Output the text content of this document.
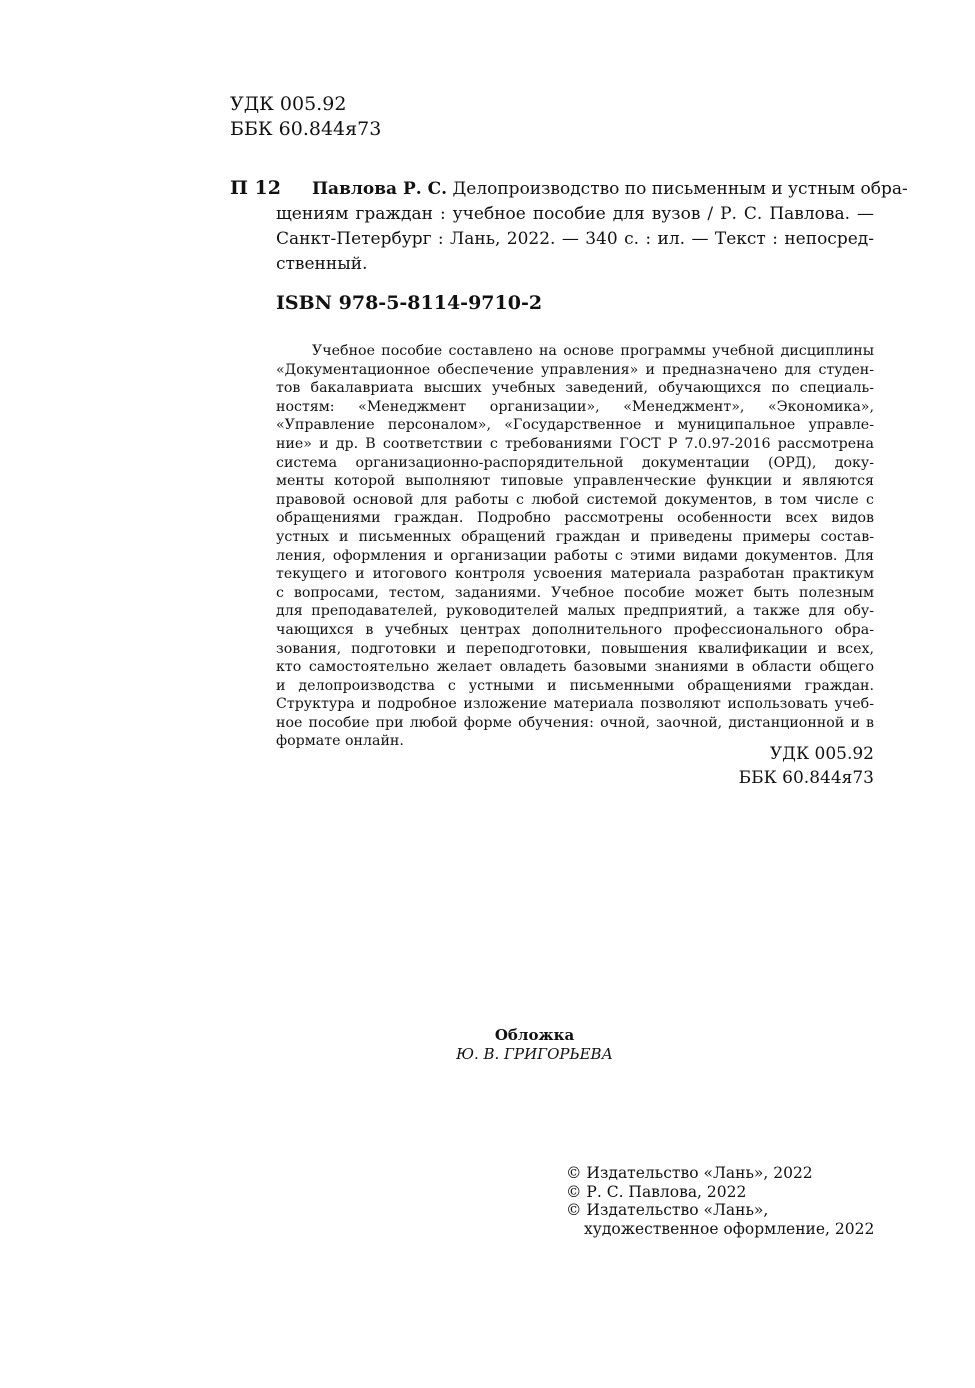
УДК 005.92
ББК 60.844я73
П 12	Павлова Р. С. Делопроизводство по письменным и устным обра-
щениям граждан : учебное пособие для вузов / Р. С. Павлова. —
Санкт-Петербург : Лань, 2022. — 340 с. : ил. — Текст : непосред-
ственный.
ISBN 978-5-8114-9710-2
Учебное пособие составлено на основе программы учебной дисциплины
«Документационное обеспечение управления» и предназначено для студен-
тов бакалавриата высших учебных заведений, обучающихся по специаль-
ностям: «Менеджмент организации», «Менеджмент», «Экономика»,
«Управление персоналом», «Государственное и муниципальное управле-
ние» и др. В соответствии с требованиями ГОСТ Р 7.0.97-2016 рассмотрена
система организационно-распорядительной документации (ОРД), доку-
менты которой выполняют типовые управленческие функции и являются
правовой основой для работы с любой системой документов, в том числе с
обращениями граждан. Подробно рассмотрены особенности всех видов
устных и письменных обращений граждан и приведены примеры состав-
ления, оформления и организации работы с этими видами документов. Для
текущего и итогового контроля усвоения материала разработан практикум
с вопросами, тестом, заданиями. Учебное пособие может быть полезным
для преподавателей, руководителей малых предприятий, а также для обу-
чающихся в учебных центрах дополнительного профессионального обра-
зования, подготовки и переподготовки, повышения квалификации и всех,
кто самостоятельно желает овладеть базовыми знаниями в области общего
и делопроизводства с устными и письменными обращениями граждан.
Структура и подробное изложение материала позволяют использовать учеб-
ное пособие при любой форме обучения: очной, заочной, дистанционной и в
формате онлайн.
УДК 005.92
ББК 60.844я73
Обложка
Ю. В. ГРИГОРЬЕВА
© Издательство «Лань», 2022
© Р. С. Павлова, 2022
© Издательство «Лань»,
художественное оформление, 2022
